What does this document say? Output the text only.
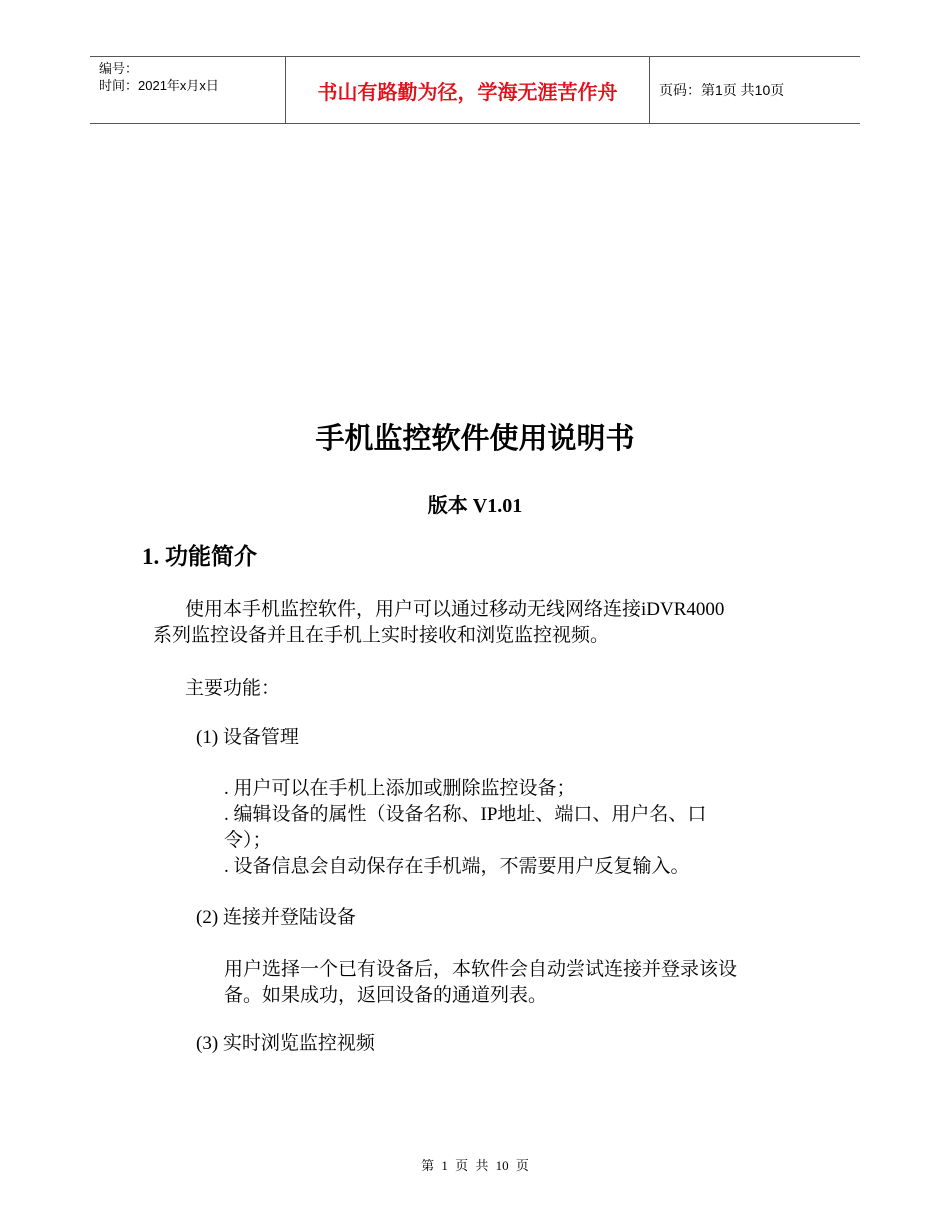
编号：
时间：2021年x月x日	书山有路勤为径，学海无涯苦作舟	页码：第1页 共10页
手机监控软件使用说明书
版本 V1.01
1. 功能简介
使用本手机监控软件，用户可以通过移动无线网络连接iDVR4000
系列监控设备并且在手机上实时接收和浏览监控视频。
主要功能：
(1) 设备管理
. 用户可以在手机上添加或删除监控设备；
. 编辑设备的属性（设备名称、IP地址、端口、用户名、口
令）；
. 设备信息会自动保存在手机端，不需要用户反复输入。
(2) 连接并登陆设备
用户选择一个已有设备后，本软件会自动尝试连接并登录该设
备。如果成功，返回设备的通道列表。
(3) 实时浏览监控视频
第 1 页 共 10 页
